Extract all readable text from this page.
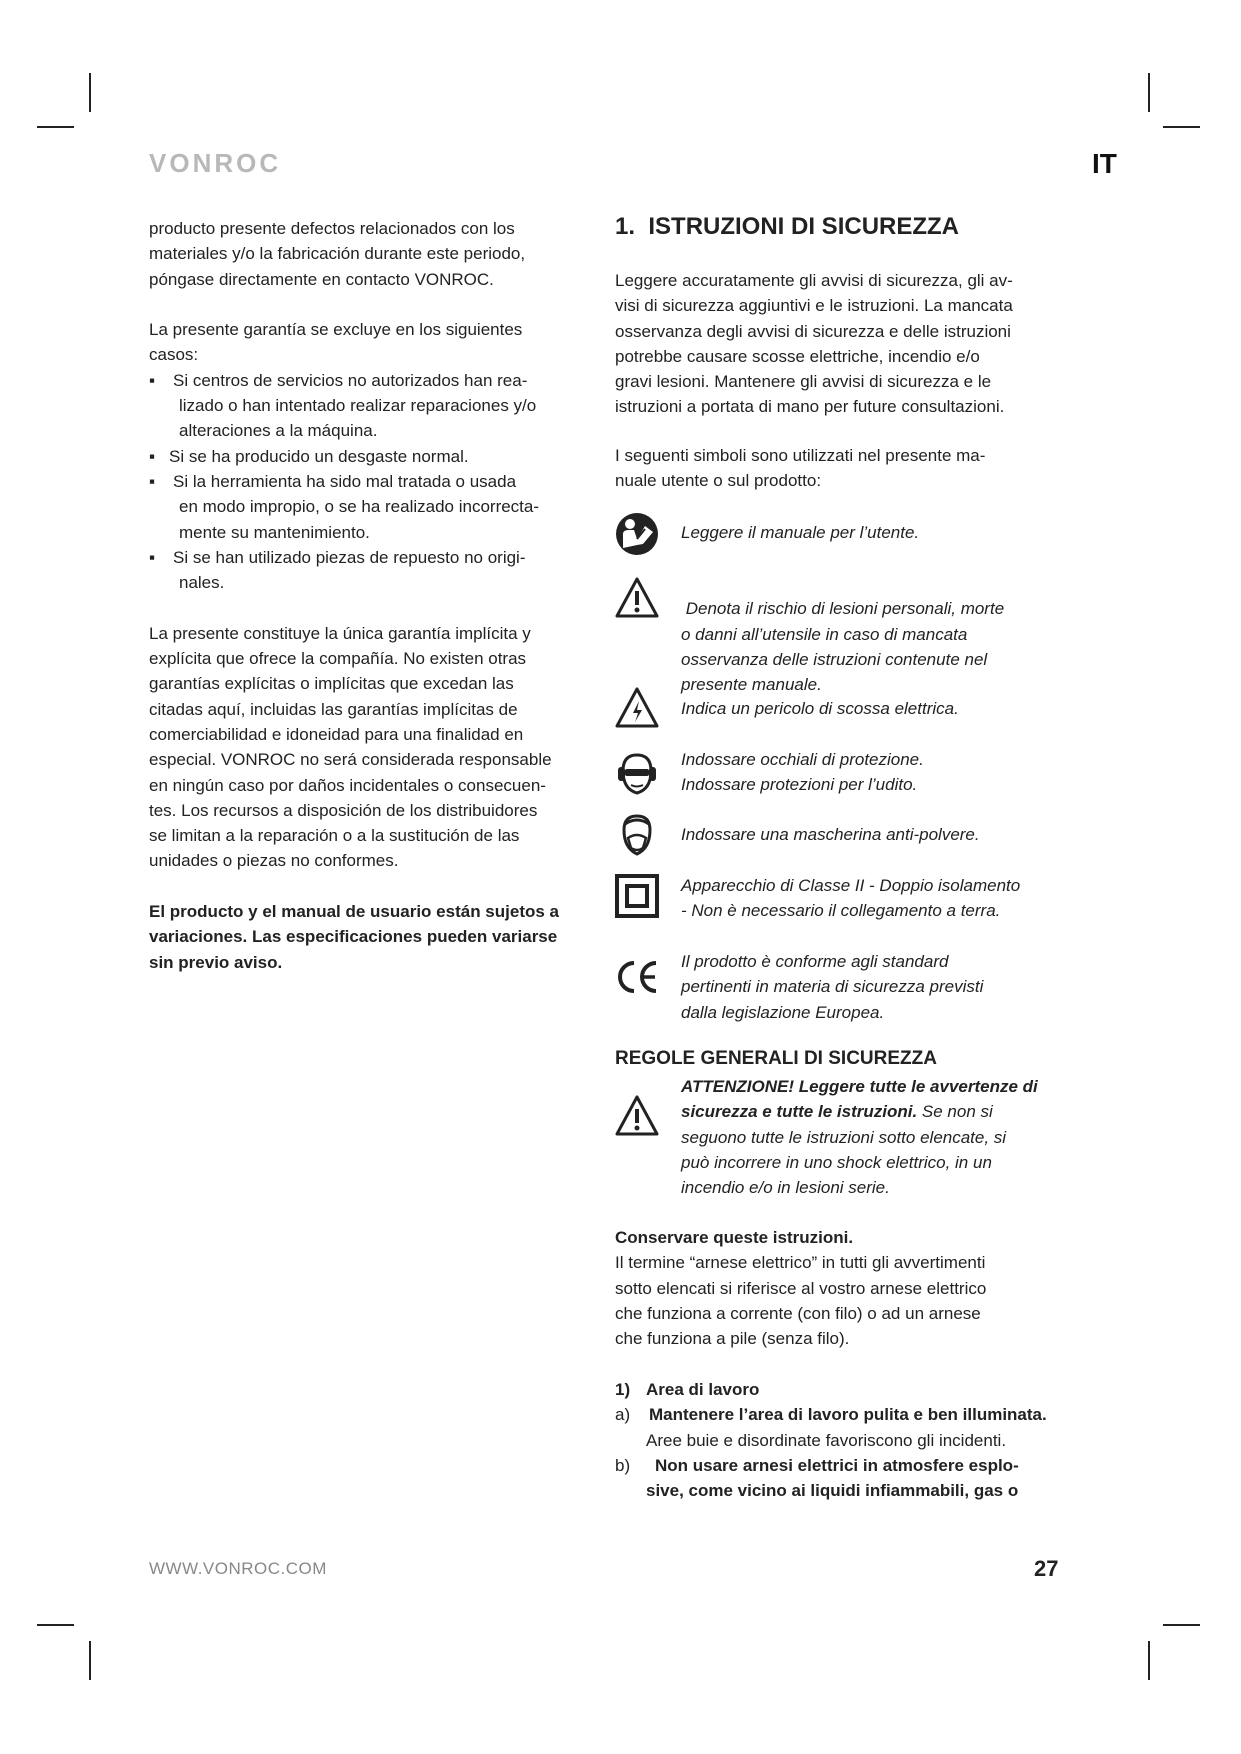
VONROC	IT
producto presente defectos relacionados con los
materiales y/o la fabricación durante este periodo,
póngase directamente en contacto VONROC.
La presente garantía se excluye en los siguientes
casos:
▪ Si centros de servicios no autorizados han rea-
lizado o han intentado realizar reparaciones y/o
alteraciones a la máquina.
▪ Si se ha producido un desgaste normal.
▪ Si la herramienta ha sido mal tratada o usada
en modo impropio, o se ha realizado incorrecta-
mente su mantenimiento.
▪ Si se han utilizado piezas de repuesto no origi-
nales.
La presente constituye la única garantía implícita y
explícita que ofrece la compañía. No existen otras
garantías explícitas o implícitas que excedan las
citadas aquí, incluidas las garantías implícitas de
comerciabilidad e idoneidad para una finalidad en
especial. VONROC no será considerada responsable
en ningún caso por daños incidentales o consecuen-
tes. Los recursos a disposición de los distribuidores
se limitan a la reparación o a la sustitución de las
unidades o piezas no conformes.
El producto y el manual de usuario están sujetos a
variaciones. Las especificaciones pueden variarse
sin previo aviso.
1.  ISTRUZIONI DI SICUREZZA
Leggere accuratamente gli avvisi di sicurezza, gli av-
visi di sicurezza aggiuntivi e le istruzioni. La mancata
osservanza degli avvisi di sicurezza e delle istruzioni
potrebbe causare scosse elettriche, incendio e/o
gravi lesioni. Mantenere gli avvisi di sicurezza e le
istruzioni a portata di mano per future consultazioni.
I seguenti simboli sono utilizzati nel presente ma-
nuale utente o sul prodotto:
Leggere il manuale per l’utente.

Denota il rischio di lesioni personali, morte
o danni all’utensile in caso di mancata
osservanza delle istruzioni contenute nel
presente manuale.
Indica un pericolo di scossa elettrica.
Indossare occhiali di protezione.
Indossare protezioni per l’udito.
Indossare una mascherina anti-polvere.
Apparecchio di Classe II - Doppio isolamento
- Non è necessario il collegamento a terra.
Il prodotto è conforme agli standard
pertinenti in materia di sicurezza previsti
dalla legislazione Europea.
REGOLE GENERALI DI SICUREZZA
ATTENZIONE! Leggere tutte le avvertenze di
sicurezza e tutte le istruzioni. Se non si
seguono tutte le istruzioni sotto elencate, si
può incorrere in uno shock elettrico, in un
incendio e/o in lesioni serie.
Conservare queste istruzioni.
Il termine “arnese elettrico” in tutti gli avvertimenti
sotto elencati si riferisce al vostro arnese elettrico
che funziona a corrente (con filo) o ad un arnese
che funziona a pile (senza filo).
1) Area di lavoro
a) Mantenere l’area di lavoro pulita e ben illuminata.
Aree buie e disordinate favoriscono gli incidenti.
b) Non usare arnesi elettrici in atmosfere esplo-
sive, come vicino ai liquidi infiammabili, gas o
WWW.VONROC.COM	27
